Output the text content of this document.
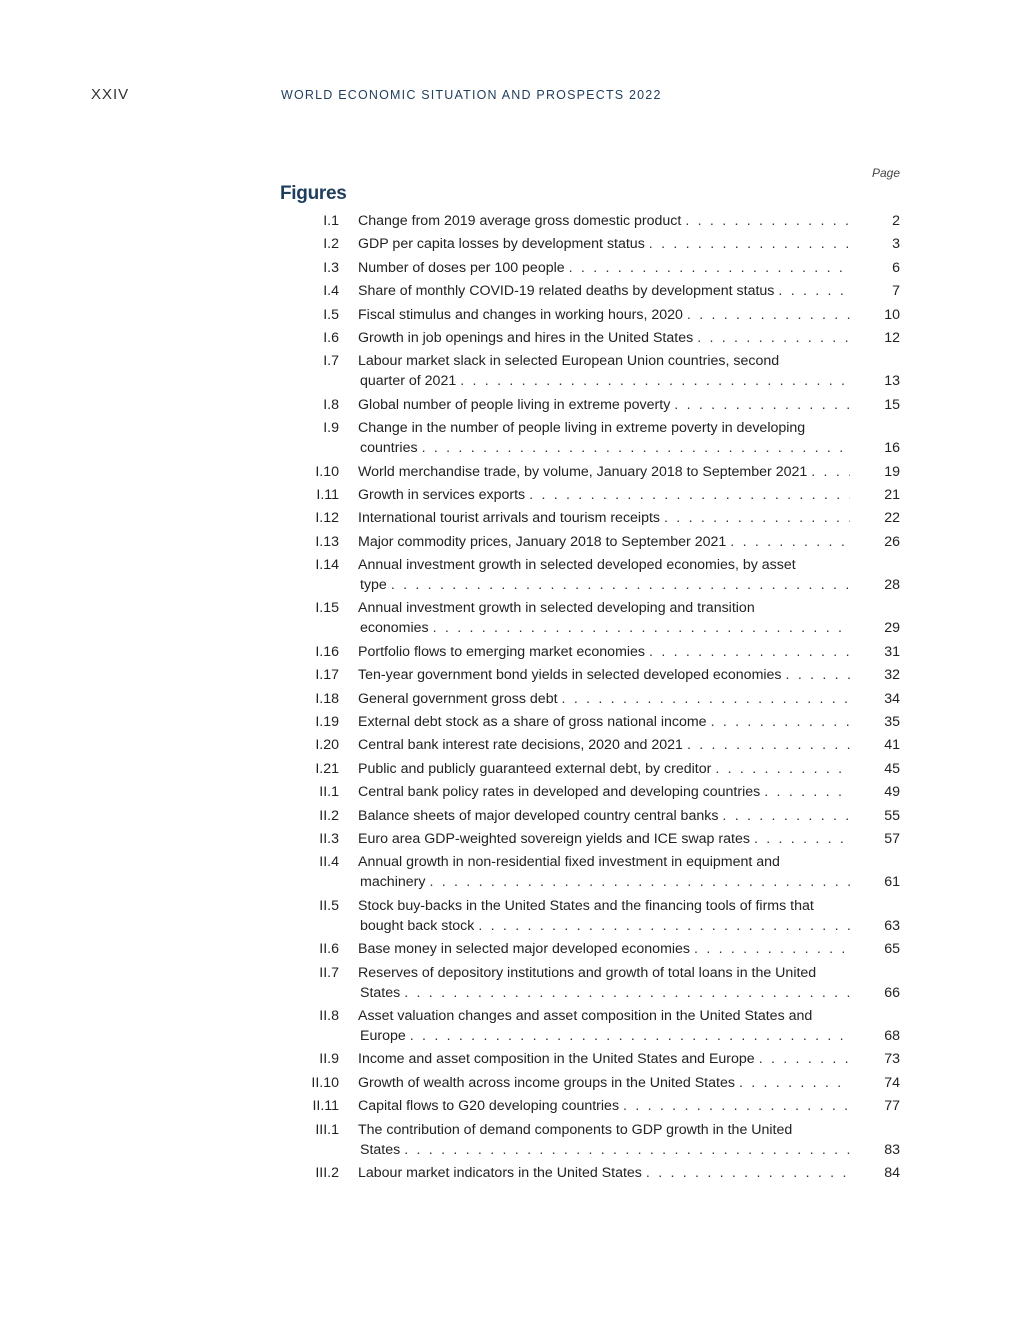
XXIV	WORLD ECONOMIC SITUATION AND PROSPECTS 2022
Page
Figures
I.1 Change from 2019 average gross domestic product . . .	2
I.2 GDP per capita losses by development status . . .	3
I.3 Number of doses per 100 people . . .	6
I.4 Share of monthly COVID-19 related deaths by development status . . .	7
I.5 Fiscal stimulus and changes in working hours, 2020 . . .	10
I.6 Growth in job openings and hires in the United States . . .	12
I.7 Labour market slack in selected European Union countries, second
quarter of 2021 . . .	13
I.8 Global number of people living in extreme poverty . . .	15
I.9 Change in the number of people living in extreme poverty in developing
countries . . .	16
I.10 World merchandise trade, by volume, January 2018 to September 2021 . . .	19
I.11 Growth in services exports . . .	21
I.12 International tourist arrivals and tourism receipts . . .	22
I.13 Major commodity prices, January 2018 to September 2021 . . .	26
I.14 Annual investment growth in selected developed economies, by asset
type . . .	28
I.15 Annual investment growth in selected developing and transition
economies . . .	29
I.16 Portfolio flows to emerging market economies . . .	31
I.17 Ten-year government bond yields in selected developed economies . . .	32
I.18 General government gross debt . . .	34
I.19 External debt stock as a share of gross national income . . .	35
I.20 Central bank interest rate decisions, 2020 and 2021 . . .	41
I.21 Public and publicly guaranteed external debt, by creditor . . .	45
II.1 Central bank policy rates in developed and developing countries . . .	49
II.2 Balance sheets of major developed country central banks . . .	55
II.3 Euro area GDP-weighted sovereign yields and ICE swap rates . . .	57
II.4 Annual growth in non-residential fixed investment in equipment and
machinery . . .	61
II.5 Stock buy-backs in the United States and the financing tools of firms that
bought back stock . . .	63
II.6 Base money in selected major developed economies . . .	65
II.7 Reserves of depository institutions and growth of total loans in the United
States . . .	66
II.8 Asset valuation changes and asset composition in the United States and
Europe . . .	68
II.9 Income and asset composition in the United States and Europe . . .	73
II.10 Growth of wealth across income groups in the United States . . .	74
II.11 Capital flows to G20 developing countries . . .	77
III.1 The contribution of demand components to GDP growth in the United
States . . .	83
III.2 Labour market indicators in the United States . . .	84
